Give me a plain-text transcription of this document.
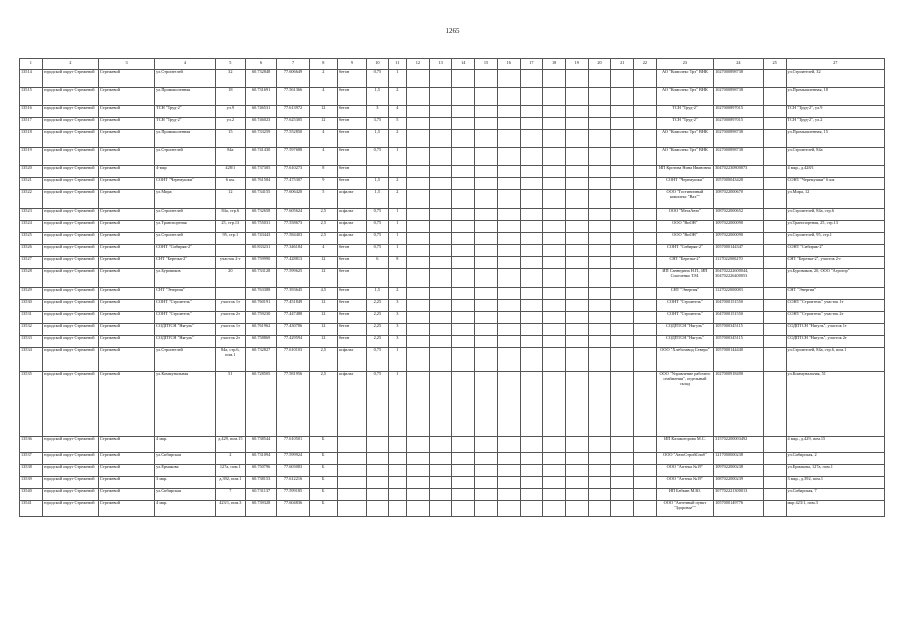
1265
1	2	3	4	5	6	7	8	9	10	11	12	13	14	15	16	17	18	19	20	21	22	23	24	25		27
13514	городской округ Стрежевой	Стрежевой	ул.Строителей	32	60.732848	77.606649	2	бетон	0,75	1												АО "Комплекс Трэ" ВНК	1027000898738			ул.Строителей, 32
13515	городской округ Стрежевой	Стрежевой	ул.Промышленная	18	60.731691	77.561366	4	бетон	1,5	2												АО "Комплекс Трэ" ВНК	1027000898738			ул.Промышленная, 18
13516	городской округ Стрежевой	Стрежевой	ТСН "Труд-2"	ул.9	60.746531	77.613972	12	бетон	3	4												ТСН "Труд-2"	1027000897015			ТСН "Труд-2", ул.9
13517	городской округ Стрежевой	Стрежевой	ТСН "Труд-2"	ул.2	60.746023	77.625305	12	бетон	3,75	5												ТСН "Труд-2"	1027000897015			ТСН "Труд-2", ул.2
13518	городской округ Стрежевой	Стрежевой	ул.Промышленная	15	60.733259	77.552850	4	бетон	1,5	2												АО "Комплекс Трэ" ВНК	1027000898738			ул.Промышленная, 15
13519	городской округ Стрежевой	Стрежевой	ул.Строителей	84а	60.741430	77.597688	4	бетон	0,75	1												АО "Комплекс Трэ" ВНК	1027000898738			ул.Строителей, 84а
13520	городской округ Стрежевой	Стрежевой	4-мкр	428/1	60.737305	77.610273	8	бетон														ИП Кротова Нина Ивановна	304702230800073			4 мкр., д.428/1
13521	городской округ Стрежевой	Стрежевой	СОНТ "Черемушки"	6 км.	60.761584	77.475307	9	бетон	1,5	2												СОНТ "Черемушки"	1057000043428			СОНТ "Черемушки" 6 км.
13522	городской округ Стрежевой	Стрежевой	ул.Мира	12	60.734155	77.606420	5	асфальт	1,5	2												ООО "Гостиничный комплекс "Вах""	1087022000670			ул.Мира, 12
13523	городской округ Стрежевой	Стрежевой	ул.Строителей	84а, стр.6	60.732658	77.605624	2,5	асфальт	0,75	1												ООО "МегаАвто"	1087022000652			ул.Строителей, 84а, стр.6
13524	городской округ Стрежевой	Стрежевой	ул.Транспортная	25, стр.13	60.755031	77.558673	2,5	асфальт	0,75	1												ООО "ВиОН"	1097022000090			ул.Транспортная, 25, стр.13
13525	городской округ Стрежевой	Стрежевой	ул.Строителей	95, стр.1	60.743443	77.584403	2,5	асфальт	0,75	1												ООО "ВиОН"	1097022000090			ул.Строителей, 95, стр.1
13526	городской округ Стрежевой	Стрежевой	СОНТ "Сибиряк-2"		60.833231	77.346184	4	бетон	0,75	1												СОНТ "Сибиряк-2"	1057000144347			СОНТ "Сибиряк-2"
13527	городской округ Стрежевой	Стрежевой	СНТ "Березка-2"	участок 2-г	60.759990	77.428813	12	бетон	6	8												СНТ "Березка-2"	1117022000270			СНТ "Березка-2", участок 2-г
13528	городской округ Стрежевой	Стрежевой	ул.Буровиков	20	60.733128	77.599625	12	бетон														ИП Саннедина Н.П., ИП Спасченко Т.М.	304702222600044, 304702226400053			ул.Буровиков, 20, ООО "Агрогор"
13529	городской округ Стрежевой	Стрежевой	СНТ "Энергия"		60.763388	77.393645	4,5	бетон	1,5	2												СНТ "Энергия"	1127022000083			СНТ "Энергия"
13530	городской округ Стрежевой	Стрежевой	СОНТ "Строитель"	участок 1т	60.760191	77.451849	12	бетон	2,25	3												СОНТ "Строитель"	1047000151550			СОНТ "Строитель" участок 1т
13531	городской округ Стрежевой	Стрежевой	СОНТ "Строитель"	участок 2т	60.759230	77.447488	12	бетон	2,25	3												СОНТ "Строитель"	1047000151550			СОНТ "Строитель" участок 2т
13532	городской округ Стрежевой	Стрежевой	СОДПТСН "Нягуль"	участок 1т	60.761962	77.430786	12	бетон	2,25	3												СОДПТСН "Нягуль"	1057000345115			СОДПТСН "Нягуль", участок 1т
13533	городской округ Стрежевой	Стрежевой	СОДПТСН "Нягуль"	участок 2т	60.758869	77.429594	12	бетон	2,25	3												СОДПТСН "Нягуль"	1057000345115			СОДПТСН "Нягуль", участок 2т
13534	городской округ Стрежевой	Стрежевой	ул.Строителей	84а, стр.6, пом.1	60.732827	77.610103	2,5	асфальт	0,75	1												ООО "Хлебозавод Северо"	1057000144440			ул.Строителей, 84а, стр.6, пом.1
13535	городской округ Стрежевой	Стрежевой	ул.Коммунальная	51	60.728505	77.581956	2,5	асфальт	0,75	1												ООО "Управление рабочего снабжения", отдельный склад	1027000918490			ул.Коммунальная, 51
13536	городской округ Стрежевой	Стрежевой	4 мкр.	д.429, пом.15	60.738544	77.610501	Б															ИП Казакогорова М.С.	315702200003492			4 мкр., д.429, пом.15
13537	городской округ Стрежевой	Стрежевой	ул.Сибирская	2	60.731094	77.599924	Б															ООО "АвтоСтройСнаб"	1217000000238			ул.Сибирская, 2
13538	городской округ Стрежевой	Стрежевой	ул.Ермакова	127а, пом.1	60.750796	77.603083	Б															ООО "Аптека №19"	1097022000238			ул.Ермакова, 127а, пом.1
13539	городской округ Стрежевой	Стрежевой	3 мкр.	д.392, пом.1	60.738153	77.612216	Б															ООО "Аптека №19"	1087022000239			3 мкр., д.392, пом.1
13540	городской округ Стрежевой	Стрежевой	ул.Сибирская	7	60.731137	77.599185	Б															ИП Бабкин М.Ю.	307702221300013			ул.Сибирская, 7
13541	городской округ Стрежевой	Стрежевой	4 мкр.	423/1, пом.3	60.739328	77.604836	Б															ООО "Аптечный пункт "Здоровье""	1057000149776			мкр 423/1, пом.3
